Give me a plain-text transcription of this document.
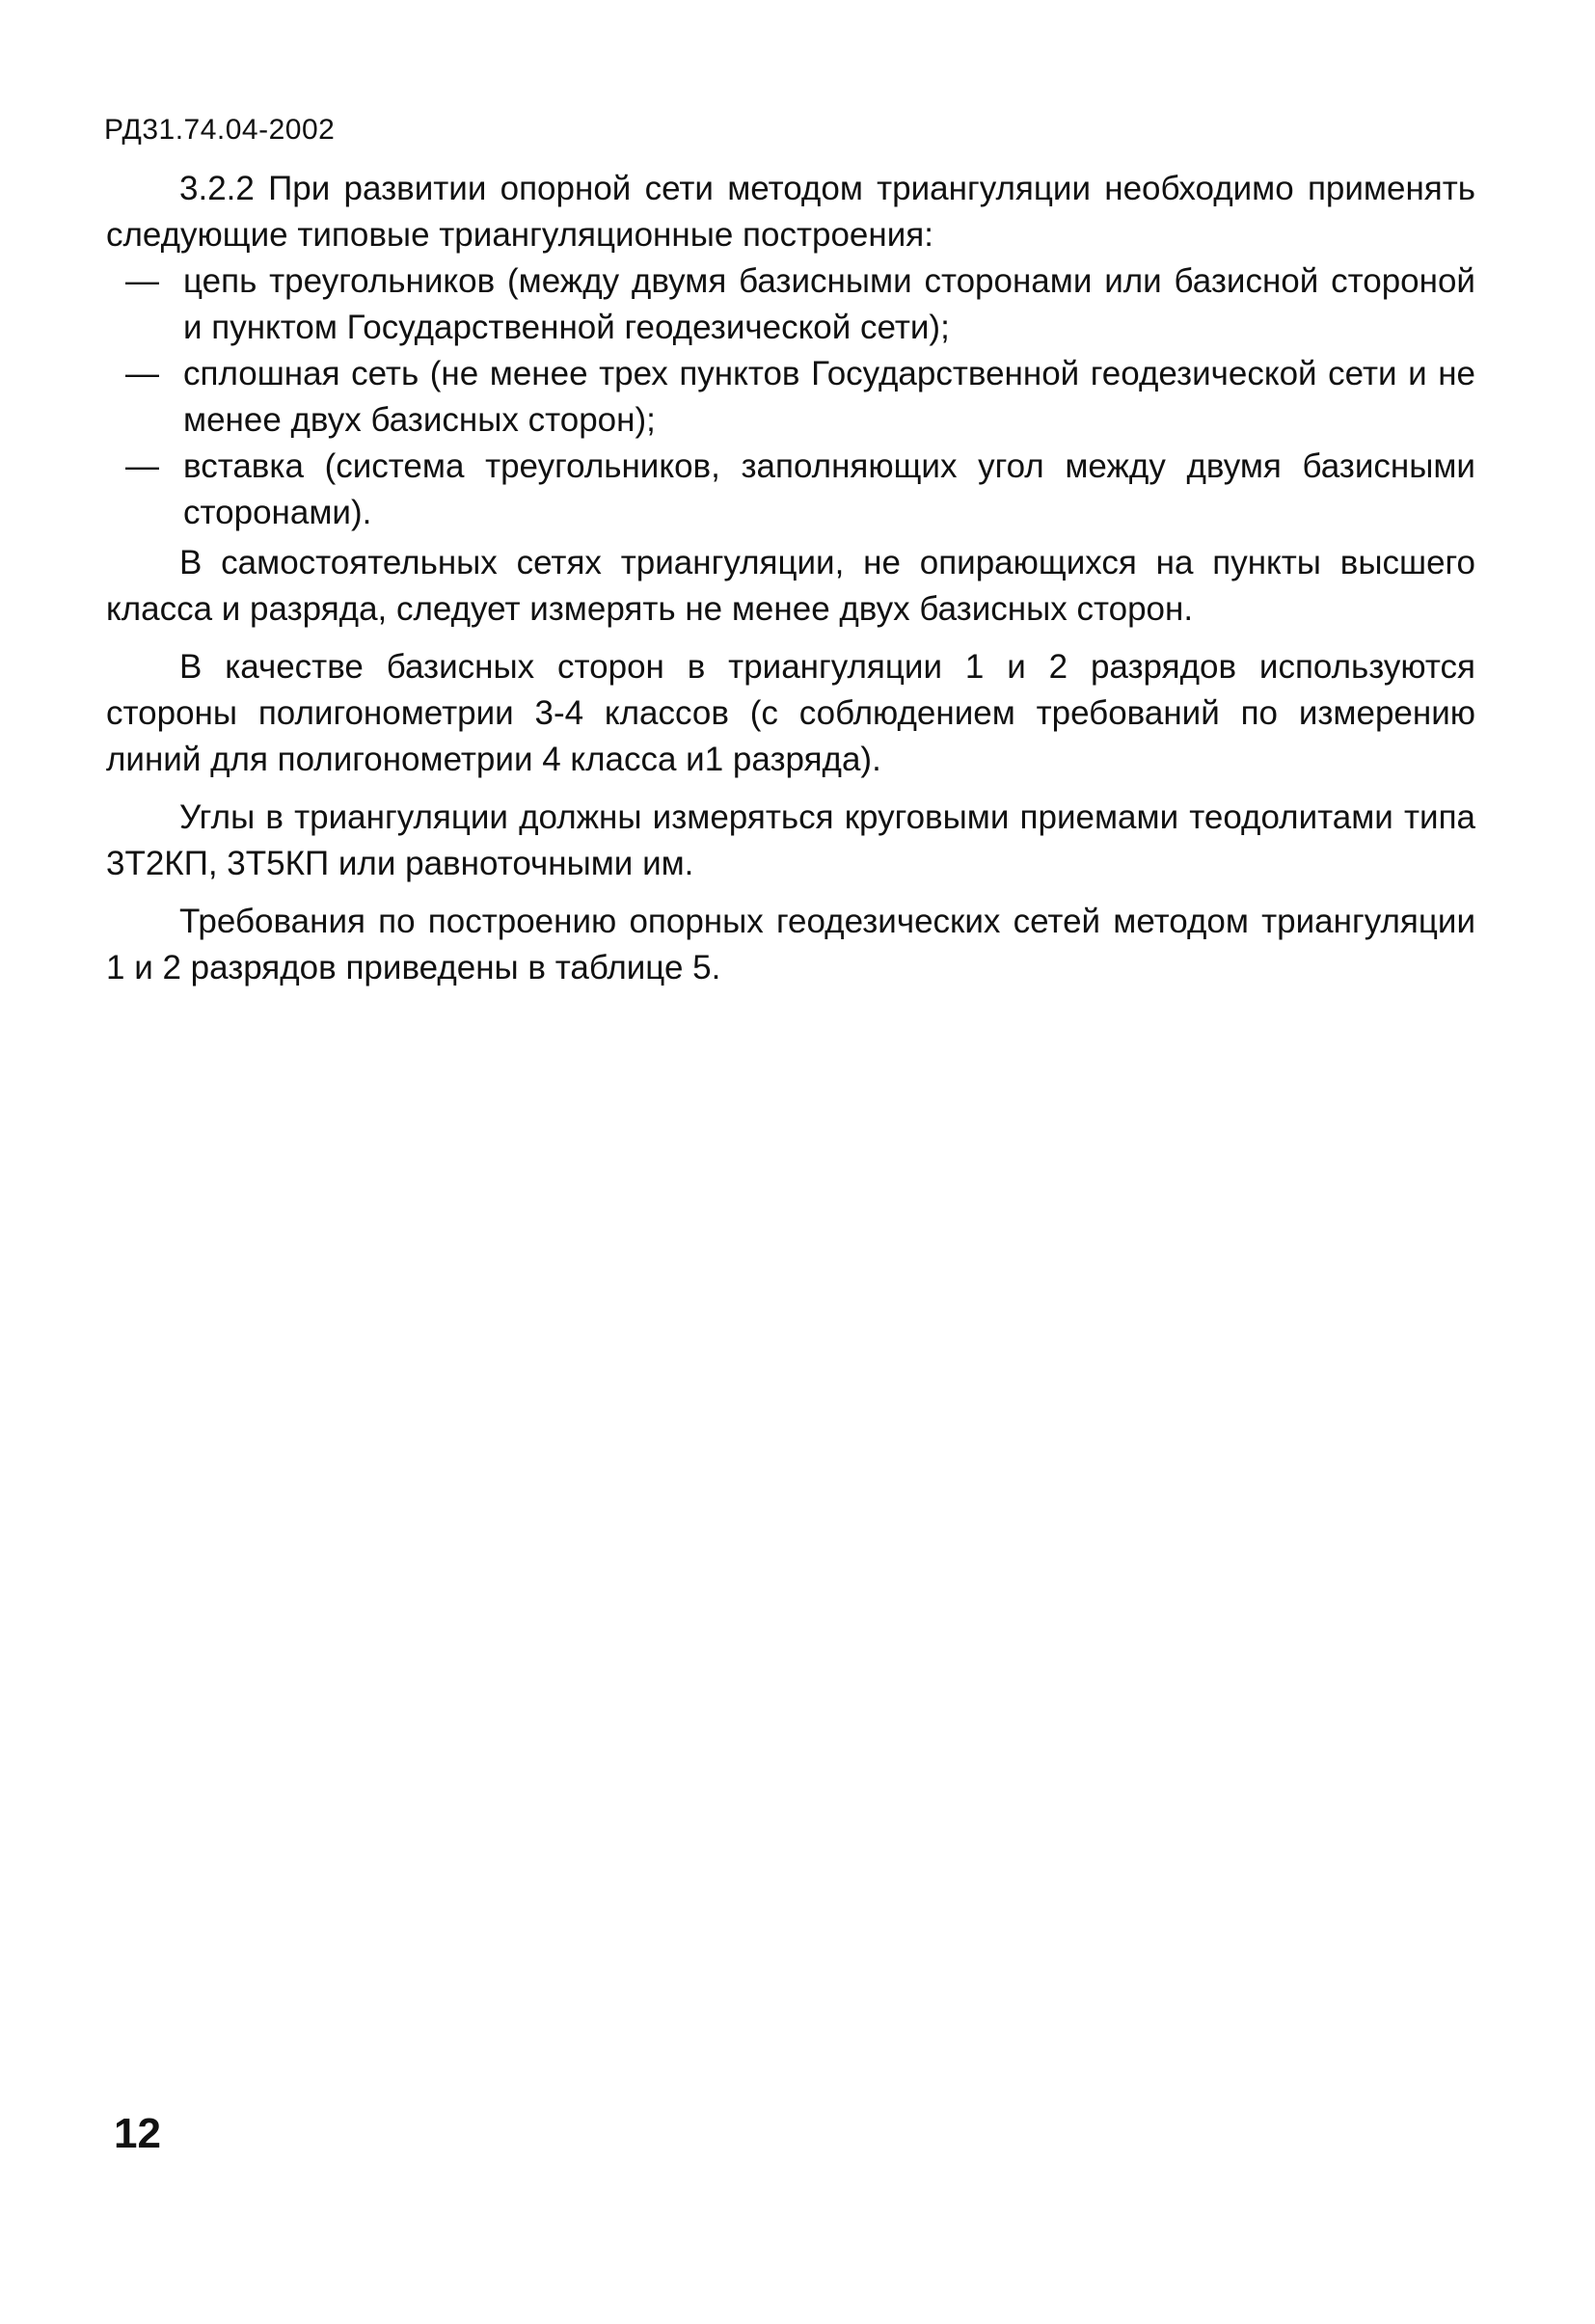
РД31.74.04-2002

3.2.2 При развитии опорной сети методом триангуляции необходимо применять следующие типовые триангуляционные построения:

— цепь треугольников (между двумя базисными сторонами или базисной стороной и пунктом Государственной геодезической сети);
— сплошная сеть (не менее трех пунктов Государственной геодезической сети и не менее двух базисных сторон);
— вставка (система треугольников, заполняющих угол между двумя базисными сторонами).

В самостоятельных сетях триангуляции, не опирающихся на пункты высшего класса и разряда, следует измерять не менее двух базисных сторон.

В качестве базисных сторон в триангуляции 1 и 2 разрядов используются стороны полигонометрии 3-4 классов (с соблюдением требований по измерению линий для полигонометрии 4 класса и1 разряда).

Углы в триангуляции должны измеряться круговыми приемами теодолитами типа 3Т2КП, 3Т5КП или равноточными им.

Требования по построению опорных геодезических сетей методом триангуляции 1 и 2 разрядов приведены в таблице 5.

12
